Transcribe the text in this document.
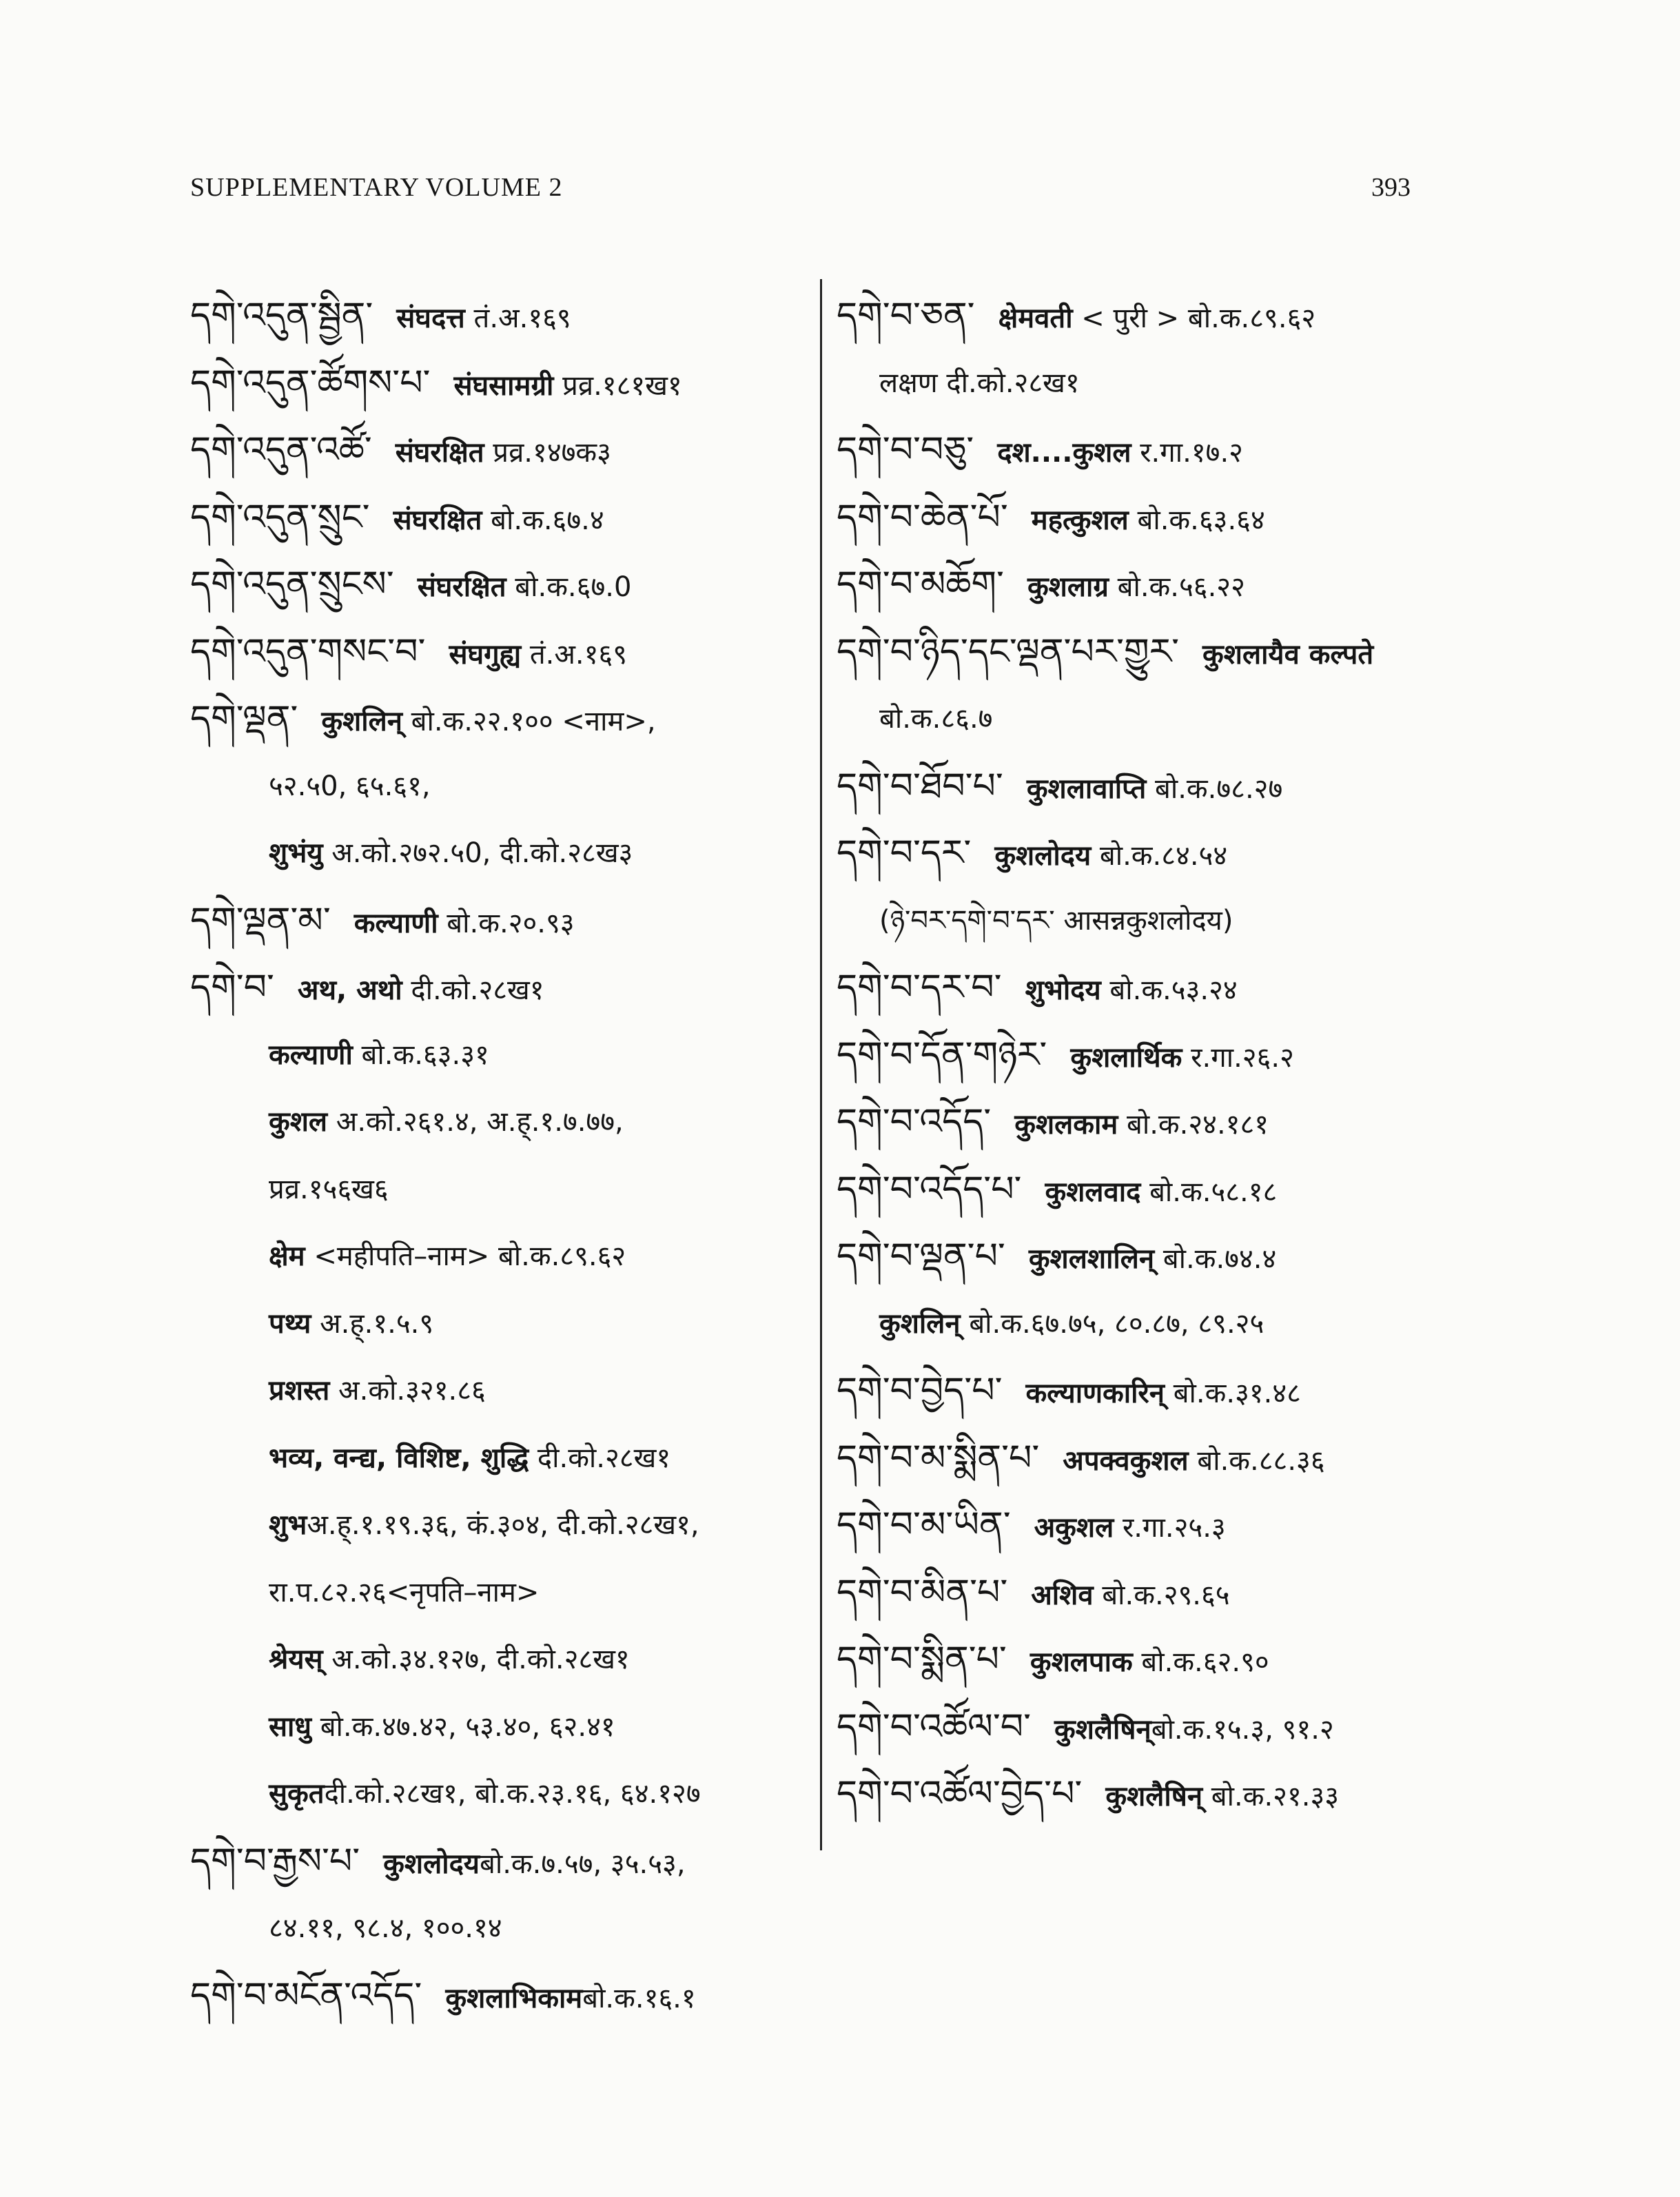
SUPPLEMENTARY VOLUME 2	393
དགེ་འདུན་སྦྱིན་ संघदत्त तं.अ.१६९
དགེ་འདུན་ཚོགས་པ་ संघसामग्री प्रव्र.१८१ख१
དགེ་འདུན་འཚོ་ संघरक्षित प्रव्र.१४७क३
དགེ་འདུན་སྲུང་ संघरक्षित बो.क.६७.४
དགེ་འདུན་སྲུངས་ संघरक्षित बो.क.६७.0
དགེ་འདུན་གསང་བ་ संघगुह्य तं.अ.१६९
དགེ་ལྡན་ कुशलिन् बो.क.२२.१०० <नाम>,
५२.५0, ६५.६१,
शुभंयु अ.को.२७२.५0, दी.को.२८ख३
དགེ་ལྡན་མ་ कल्याणी बो.क.२०.९३
དགེ་བ་ अथ, अथो दी.को.२८ख१
कल्याणी बो.क.६३.३१
कुशल अ.को.२६१.४, अ.ह्.१.७.७७,
प्रव्र.१५६ख६
क्षेम <महीपति–नाम> बो.क.८९.६२
पथ्य अ.ह्.१.५.९
प्रशस्त अ.को.३२१.८६
भव्य, वन्द्य, विशिष्ट, शुद्धि दी.को.२८ख१
शुभअ.ह्.१.१९.३६, कं.३०४, दी.को.२८ख१,
रा.प.८२.२६<नृपति–नाम>
श्रेयस् अ.को.३४.१२७, दी.को.२८ख१
साधु बो.क.४७.४२, ५३.४०, ६२.४१
सुकृतदी.को.२८ख१, बो.क.२३.१६, ६४.१२७
དགེ་བ་རྒྱས་པ་ कुशलोदयबो.क.७.५७, ३५.५३,
८४.११, ९८.४, १००.१४
དགེ་བ་མངོན་འདོད་ कुशलाभिकामबो.क.१६.१
དགེ་བ་ཅན་ क्षेमवती < पुरी > बो.क.८९.६२
लक्षण दी.को.२८ख१
དགེ་བ་བཅུ་ दश....कुशल र.गा.१७.२
དགེ་བ་ཆེན་པོ་ महत्कुशल बो.क.६३.६४
དགེ་བ་མཆོག་ कुशलाग्र बो.क.५६.२२
དགེ་བ་ཉིད་དང་ལྡན་པར་གྱུར་ कुशलायैव कल्पते
बो.क.८६.७
དགེ་བ་ཐོབ་པ་ कुशलावाप्ति बो.क.७८.२७
དགེ་བ་དར་ कुशलोदय बो.क.८४.५४
(ཉེ་བར་དགེ་བ་དར་ आसन्नकुशलोदय)
དགེ་བ་དར་བ་ शुभोदय बो.क.५३.२४
དགེ་བ་དོན་གཉེར་ कुशलार्थिक र.गा.२६.२
དགེ་བ་འདོད་ कुशलकाम बो.क.२४.१८१
དགེ་བ་འདོད་པ་ कुशलवाद बो.क.५८.१८
དགེ་བ་ལྡན་པ་ कुशलशालिन् बो.क.७४.४
कुशलिन् बो.क.६७.७५, ८०.८७, ८९.२५
དགེ་བ་བྱེད་པ་ कल्याणकारिन् बो.क.३१.४८
དགེ་བ་མ་སྨིན་པ་ अपक्वकुशल बो.क.८८.३६
དགེ་བ་མ་ཡིན་ अकुशल र.गा.२५.३
དགེ་བ་མིན་པ་ अशिव बो.क.२९.६५
དགེ་བ་སྨིན་པ་ कुशलपाक बो.क.६२.९०
དགེ་བ་འཚོལ་བ་ कुशलैषिन्बो.क.१५.३, ९१.२
དགེ་བ་འཚོལ་བྱེད་པ་ कुशलैषिन् बो.क.२१.३३
